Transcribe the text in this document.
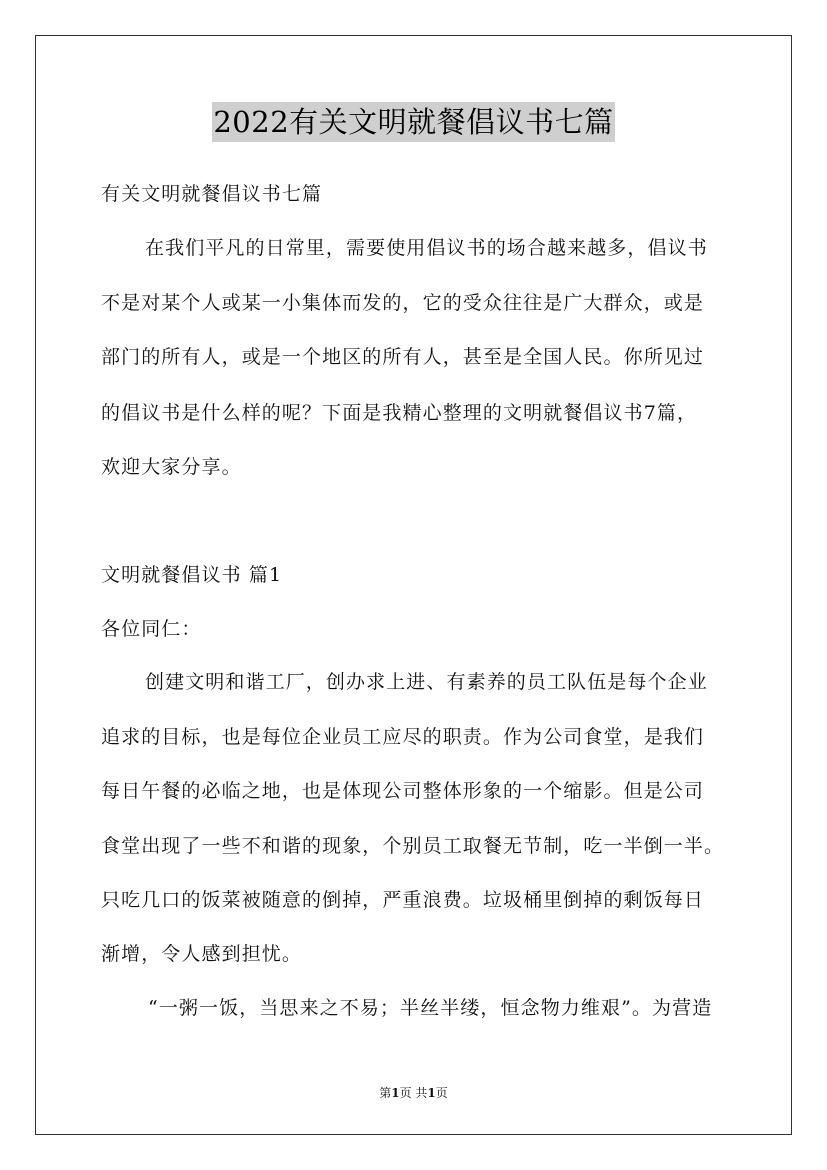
2022有关文明就餐倡议书七篇
有关文明就餐倡议书七篇
在我们平凡的日常里，需要使用倡议书的场合越来越多，倡议书
不是对某个人或某一小集体而发的，它的受众往往是广大群众，或是
部门的所有人，或是一个地区的所有人，甚至是全国人民。你所见过
的倡议书是什么样的呢？下面是我精心整理的文明就餐倡议书7篇，
欢迎大家分享。
文明就餐倡议书 篇1
各位同仁：
创建文明和谐工厂，创办求上进、有素养的员工队伍是每个企业
追求的目标，也是每位企业员工应尽的职责。作为公司食堂，是我们
每日午餐的必临之地，也是体现公司整体形象的一个缩影。但是公司
食堂出现了一些不和谐的现象，个别员工取餐无节制，吃一半倒一半。
只吃几口的饭菜被随意的倒掉，严重浪费。垃圾桶里倒掉的剩饭每日
渐增，令人感到担忧。
“一粥一饭，当思来之不易；半丝半缕，恒念物力维艰”。为营造
第1页 共1页
